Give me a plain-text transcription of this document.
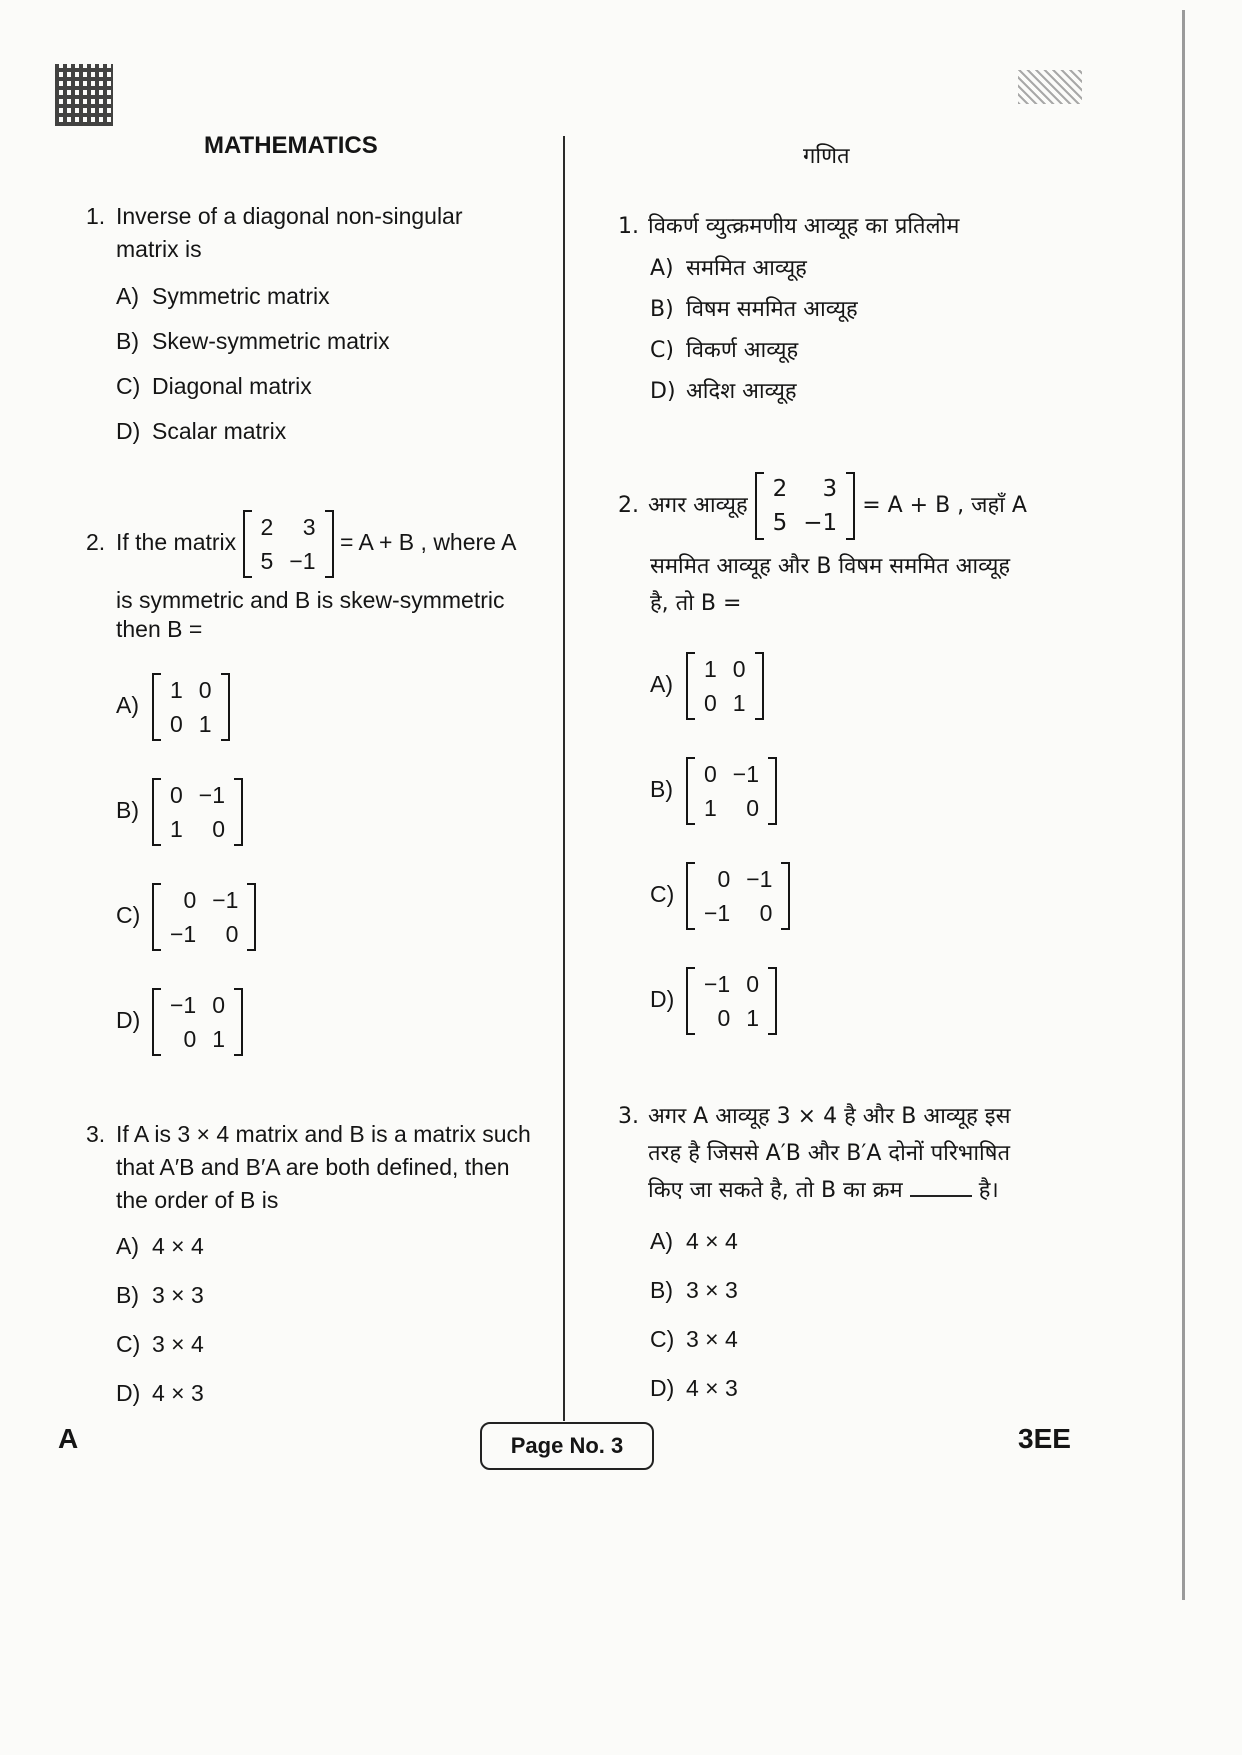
MATHEMATICS	गणित
1. Inverse of a diagonal non-singular
matrix is
A) Symmetric matrix
B) Skew-symmetric matrix
C) Diagonal matrix
D) Scalar matrix
2. If the matrix
2	3
5	−1
= A + B , where A
is symmetric and B is skew-symmetric
then B =
A)
1	0
0	1
B)
0	−1
1	0
C)
0	−1
−1	0
D)
−1	0
0	1
3. If A is 3 × 4 matrix and B is a matrix such
that A′B and B′A are both defined, then
the order of B is
A) 4 × 4
B) 3 × 3
C) 3 × 4
D) 4 × 3
1. विकर्ण व्युत्क्रमणीय आव्यूह का प्रतिलोम
A) सममित आव्यूह
B) विषम सममित आव्यूह
C) विकर्ण आव्यूह
D) अदिश आव्यूह
2. अगर आव्यूह
2	3
5	−1
= A + B , जहाँ A
सममित आव्यूह और B विषम सममित आव्यूह
है, तो B =
A)
1	0
0	1
B)
0	−1
1	0
C)
0	−1
−1	0
D)
−1	0
0	1
3. अगर A आव्यूह 3 × 4 है और B आव्यूह इस
तरह है जिससे A′B और B′A दोनों परिभाषित
किए जा सकते है, तो B का क्रम	है।
A) 4 × 4
B) 3 × 3
C) 3 × 4
D) 4 × 3
A	Page No. 3	3EE
